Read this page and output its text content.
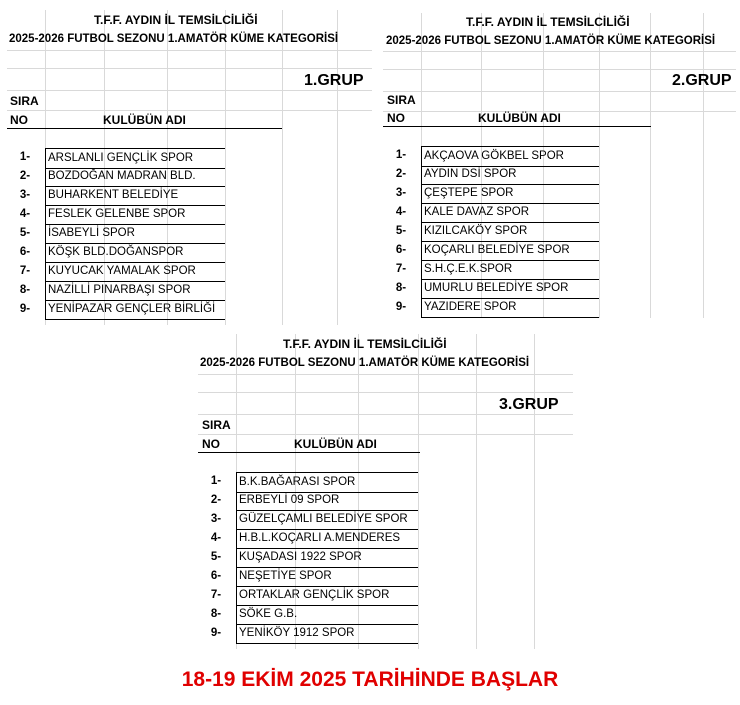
T.F.F. AYDIN İL TEMSİLCİLİĞİ
2025-2026 FUTBOL SEZONU 1.AMATÖR KÜME KATEGORİSİ
1.GRUP
SIRA
NO	KULÜBÜN ADI
1-	ARSLANLI GENÇLİK SPOR
2-	BOZDOĞAN MADRAN BLD.
3-	BUHARKENT BELEDİYE
4-	FESLEK GELENBE SPOR
5-	İSABEYLİ SPOR
6-	KÖŞK BLD.DOĞANSPOR
7-	KUYUCAK YAMALAK SPOR
8-	NAZİLLİ PINARBAŞI SPOR
9-	YENİPAZAR GENÇLER BİRLİĞİ
T.F.F. AYDIN İL TEMSİLCİLİĞİ
2025-2026 FUTBOL SEZONU 1.AMATÖR KÜME KATEGORİSİ
2.GRUP
SIRA
NO	KULÜBÜN ADI
1-	AKÇAOVA GÖKBEL SPOR
2-	AYDIN DSİ SPOR
3-	ÇEŞTEPE SPOR
4-	KALE DAVAZ SPOR
5-	KIZILCAKÖY SPOR
6-	KOÇARLI BELEDİYE SPOR
7-	S.H.Ç.E.K.SPOR
8-	UMURLU BELEDİYE SPOR
9-	YAZIDERE SPOR
T.F.F. AYDIN İL TEMSİLCİLİĞİ
2025-2026 FUTBOL SEZONU 1.AMATÖR KÜME KATEGORİSİ
3.GRUP
SIRA
NO	KULÜBÜN ADI
1-	B.K.BAĞARASI SPOR
2-	ERBEYLİ 09 SPOR
3-	GÜZELÇAMLI BELEDİYE SPOR
4-	H.B.L.KOÇARLI A.MENDERES
5-	KUŞADASI 1922 SPOR
6-	NEŞETİYE SPOR
7-	ORTAKLAR GENÇLİK SPOR
8-	SÖKE G.B.
9-	YENİKÖY 1912 SPOR
18-19 EKİM 2025 TARİHİNDE BAŞLAR
